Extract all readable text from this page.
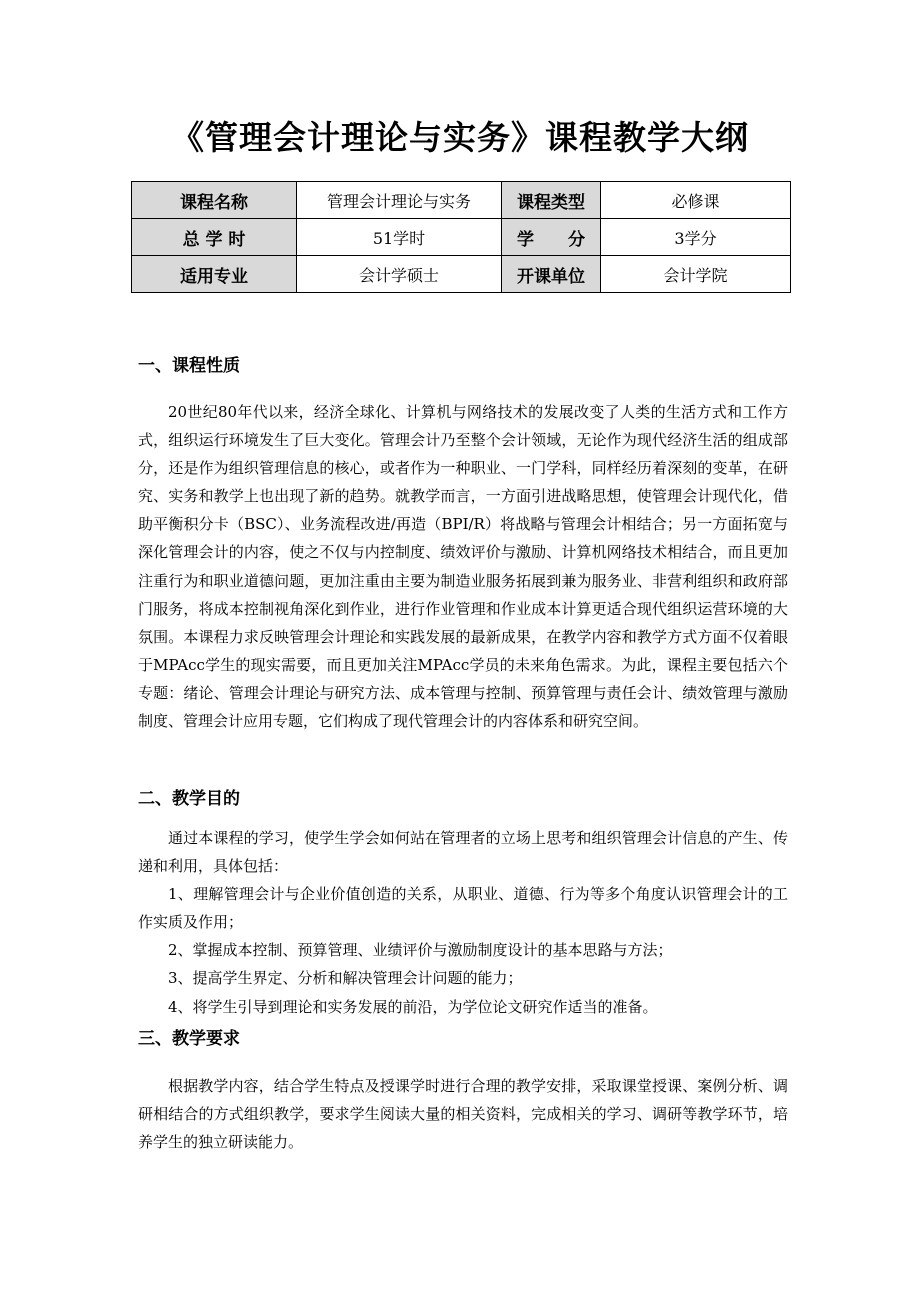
《管理会计理论与实务》课程教学大纲
课程名称	管理会计理论与实务	课程类型	必修课
总 学 时	51学时	学　　分	3学分
适用专业	会计学硕士	开课单位	会计学院
一、课程性质

20世纪80年代以来，经济全球化、计算机与网络技术的发展改变了人类的生活方式和工作方式，组织运行环境发生了巨大变化。管理会计乃至整个会计领域，无论作为现代经济生活的组成部分，还是作为组织管理信息的核心，或者作为一种职业、一门学科，同样经历着深刻的变革，在研究、实务和教学上也出现了新的趋势。就教学而言，一方面引进战略思想，使管理会计现代化，借助平衡积分卡（BSC）、业务流程改进/再造（BPI/R）将战略与管理会计相结合；另一方面拓宽与深化管理会计的内容，使之不仅与内控制度、绩效评价与激励、计算机网络技术相结合，而且更加注重行为和职业道德问题，更加注重由主要为制造业服务拓展到兼为服务业、非营利组织和政府部门服务，将成本控制视角深化到作业，进行作业管理和作业成本计算更适合现代组织运营环境的大氛围。本课程力求反映管理会计理论和实践发展的最新成果，在教学内容和教学方式方面不仅着眼于MPAcc学生的现实需要，而且更加关注MPAcc学员的未来角色需求。为此，课程主要包括六个专题：绪论、管理会计理论与研究方法、成本管理与控制、预算管理与责任会计、绩效管理与激励制度、管理会计应用专题，它们构成了现代管理会计的内容体系和研究空间。

二、教学目的

通过本课程的学习，使学生学会如何站在管理者的立场上思考和组织管理会计信息的产生、传递和利用，具体包括：

1、理解管理会计与企业价值创造的关系，从职业、道德、行为等多个角度认识管理会计的工作实质及作用；

2、掌握成本控制、预算管理、业绩评价与激励制度设计的基本思路与方法；

3、提高学生界定、分析和解决管理会计问题的能力；

4、将学生引导到理论和实务发展的前沿，为学位论文研究作适当的准备。

三、教学要求

根据教学内容，结合学生特点及授课学时进行合理的教学安排，采取课堂授课、案例分析、调研相结合的方式组织教学，要求学生阅读大量的相关资料，完成相关的学习、调研等教学环节，培养学生的独立研读能力。
